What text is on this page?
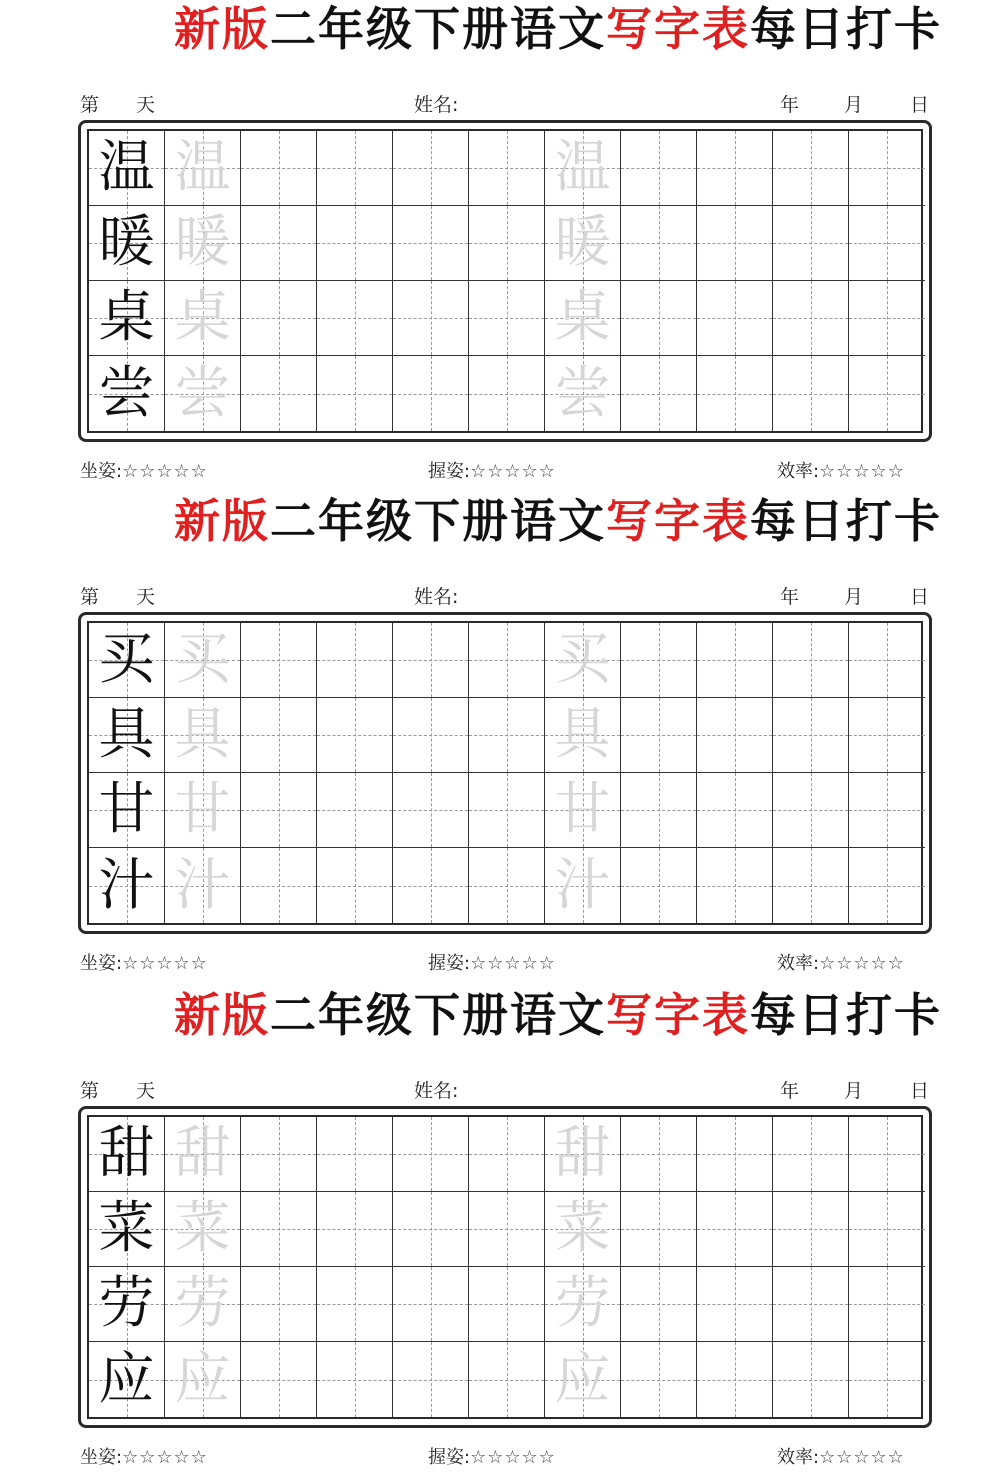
新版二年级下册语文写字表每日打卡
第 天	姓名:	年 月 日
温 温	温
暖 暖	暖
桌 桌	桌
尝 尝	尝
坐姿:☆☆☆☆☆	握姿:☆☆☆☆☆	效率:☆☆☆☆☆
新版二年级下册语文写字表每日打卡
第 天	姓名:	年 月 日
买 买	买
具 具	具
甘 甘	甘
汁 汁	汁
坐姿:☆☆☆☆☆	握姿:☆☆☆☆☆	效率:☆☆☆☆☆
新版二年级下册语文写字表每日打卡
第 天	姓名:	年 月 日
甜 甜	甜
菜 菜	菜
劳 劳	劳
应 应	应
坐姿:☆☆☆☆☆	握姿:☆☆☆☆☆	效率:☆☆☆☆☆
